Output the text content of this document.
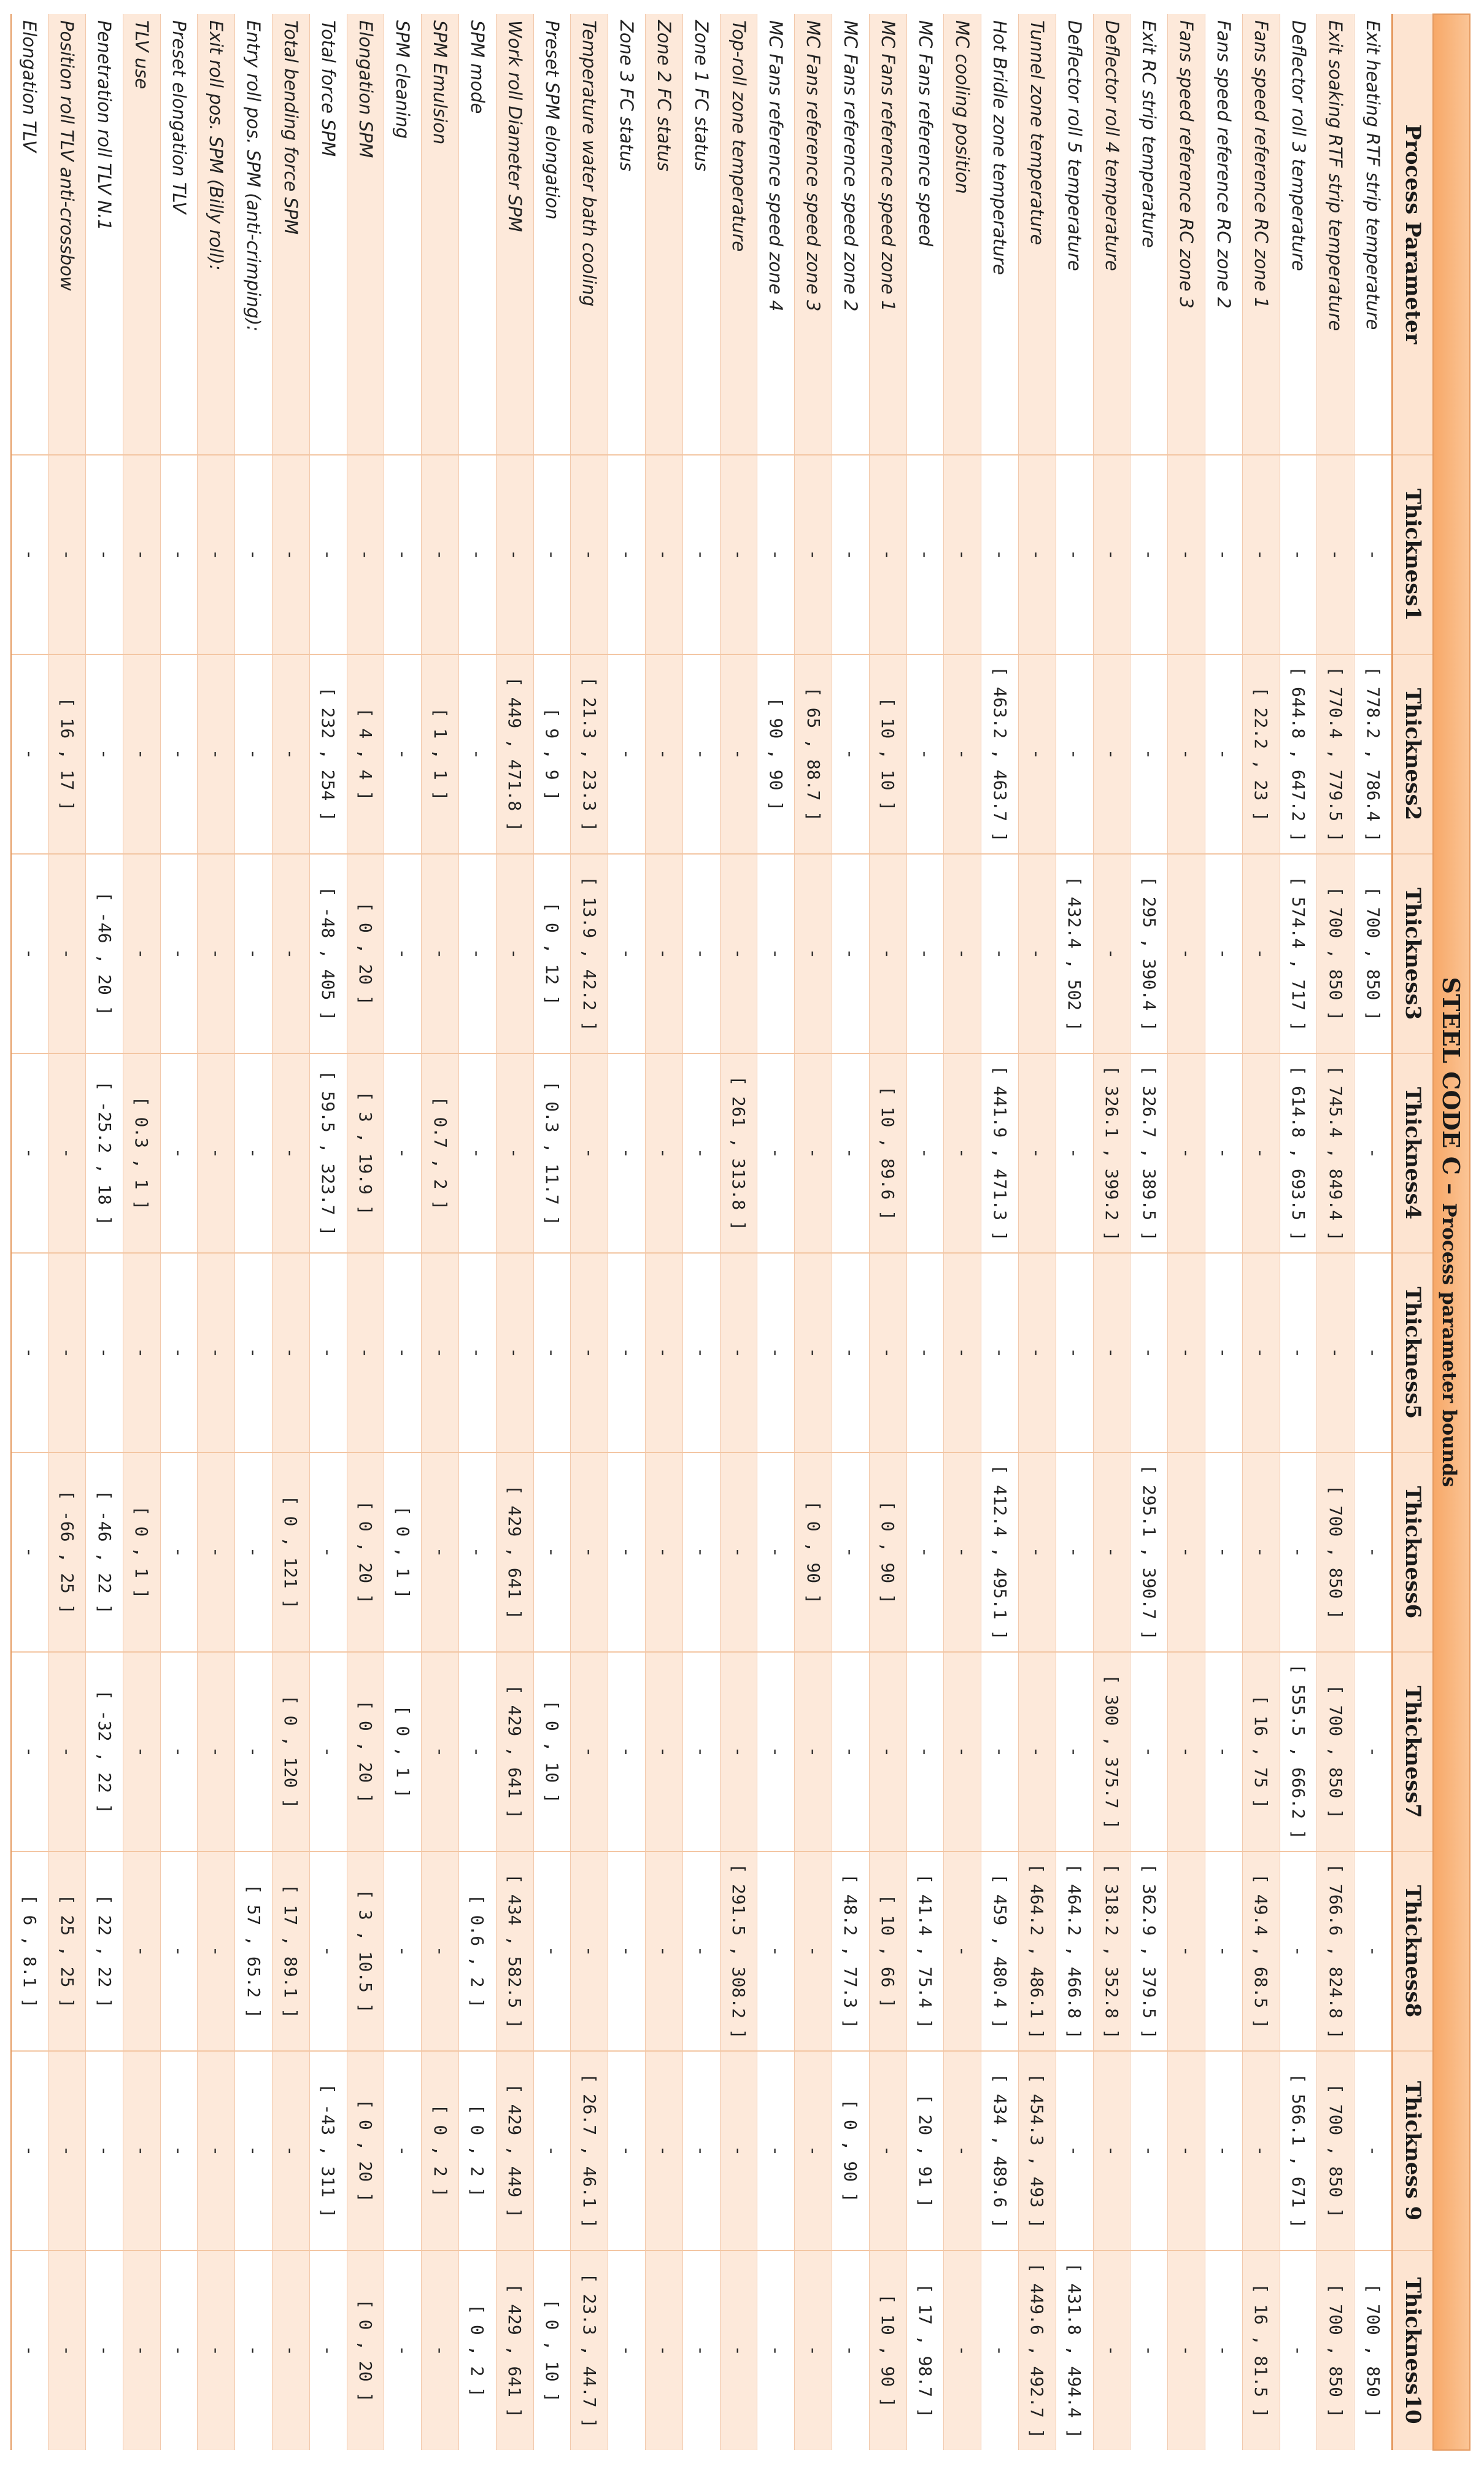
STEEL CODE C – Process parameter bounds										
Process Parameter	Thickness1	Thickness2	Thickness3	Thickness4	Thickness5	Thickness6	Thickness7	Thickness8	Thickness 9	Thickness10
Exit heating RTF strip temperature	-	[ 778.2 , 786.4 ]	[ 700 , 850 ]	-	-	-	-	-	-	[ 700 , 850 ]
Exit soaking RTF strip temperature	-	[ 770.4 , 779.5 ]	[ 700 , 850 ]	[ 745.4 , 849.4 ]	-	[ 700 , 850 ]	[ 700 , 850 ]	[ 766.6 , 824.8 ]	[ 700 , 850 ]	[ 700 , 850 ]
Deflector roll 3 temperature	-	[ 644.8 , 647.2 ]	[ 574.4 , 717 ]	[ 614.8 , 693.5 ]	-	-	[ 555.5 , 666.2 ]	-	[ 566.1 , 671 ]	-
Fans speed reference RC zone 1	-	[ 22.2 , 23 ]	-	-	-	-	[ 16 , 75 ]	[ 49.4 , 68.5 ]	-	[ 16 , 81.5 ]
Fans speed reference RC zone 2	-	-	-	-	-	-	-	-	-	-
Fans speed reference RC zone 3	-	-	-	-	-	-	-	-	-	-
Exit RC strip temperature	-	-	[ 295 , 390.4 ]	[ 326.7 , 389.5 ]	-	[ 295.1 , 390.7 ]	-	[ 362.9 , 379.5 ]	-	-
Deflector roll 4 temperature	-	-	-	[ 326.1 , 399.2 ]	-	-	[ 300 , 375.7 ]	[ 318.2 , 352.8 ]	-	-
Deflector roll 5 temperature	-	-	[ 432.4 , 502 ]	-	-	-	-	[ 464.2 , 466.8 ]	-	[ 431.8 , 494.4 ]
Tunnel zone temperature	-	-	-	-	-	-	-	[ 464.2 , 486.1 ]	[ 454.3 , 493 ]	[ 449.6 , 492.7 ]
Hot Bridle zone temperature	-	[ 463.2 , 463.7 ]	-	[ 441.9 , 471.3 ]	-	[ 412.4 , 495.1 ]	-	[ 459 , 480.4 ]	[ 434 , 489.6 ]	-
MC cooling position	-	-	-	-	-	-	-	-	-	-
MC Fans reference speed	-	-	-	-	-	-	-	[ 41.4 , 75.4 ]	[ 20 , 91 ]	[ 17 , 98.7 ]
MC Fans reference speed zone 1	-	[ 10 , 10 ]	-	[ 10 , 89.6 ]	-	[ 0 , 90 ]	-	[ 10 , 66 ]	-	[ 10 , 90 ]
MC Fans reference speed zone 2	-	-	-	-	-	-	-	[ 48.2 , 77.3 ]	[ 0 , 90 ]	-
MC Fans reference speed zone 3	-	[ 65 , 88.7 ]	-	-	-	[ 0 , 90 ]	-	-	-	-
MC Fans reference speed zone 4	-	[ 90 , 90 ]	-	-	-	-	-	-	-	-
Top-roll zone temperature	-	-	-	[ 261 , 313.8 ]	-	-	-	[ 291.5 , 308.2 ]	-	-
Zone 1 FC status	-	-	-	-	-	-	-	-	-	-
Zone 2 FC status	-	-	-	-	-	-	-	-	-	-
Zone 3 FC status	-	-	-	-	-	-	-	-	-	-
Temperature water bath cooling	-	[ 21.3 , 23.3 ]	[ 13.9 , 42.2 ]	-	-	-	-	-	[ 26.7 , 46.1 ]	[ 23.3 , 44.7 ]
Preset SPM elongation	-	[ 9 , 9 ]	[ 0 , 12 ]	[ 0.3 , 11.7 ]	-	-	[ 0 , 10 ]	-	-	[ 0 , 10 ]
Work roll Diameter SPM	-	[ 449 , 471.8 ]	-	-	-	[ 429 , 641 ]	[ 429 , 641 ]	[ 434 , 582.5 ]	[ 429 , 449 ]	[ 429 , 641 ]
SPM mode	-	-	-	-	-	-	-	[ 0.6 , 2 ]	[ 0 , 2 ]	[ 0 , 2 ]
SPM Emulsion	-	[ 1 , 1 ]	-	[ 0.7 , 2 ]	-	-	-	-	[ 0 , 2 ]	-
SPM cleaning	-	-	-	-	-	[ 0 , 1 ]	[ 0 , 1 ]	-	-	-
Elongation SPM	-	[ 4 , 4 ]	[ 0 , 20 ]	[ 3 , 19.9 ]	-	[ 0 , 20 ]	[ 0 , 20 ]	[ 3 , 10.5 ]	[ 0 , 20 ]	[ 0 , 20 ]
Total force SPM	-	[ 232 , 254 ]	[ -48 , 405 ]	[ 59.5 , 323.7 ]	-	-	-	-	[ -43 , 311 ]	-
Total bending force SPM	-	-	-	-	-	[ 0 , 121 ]	[ 0 , 120 ]	[ 17 , 89.1 ]	-	-
Entry roll pos. SPM (anti-crimping):	-	-	-	-	-	-	-	[ 57 , 65.2 ]	-	-
Exit roll pos. SPM (Billy roll):	-	-	-	-	-	-	-	-	-	-
Preset elongation TLV	-	-	-	-	-	-	-	-	-	-
TLV use	-	-	-	[ 0.3 , 1 ]	-	[ 0 , 1 ]	-	-	-	-
Penetration roll TLV N.1	-	-	[ -46 , 20 ]	[ -25.2 , 18 ]	-	[ -46 , 22 ]	[ -32 , 22 ]	[ 22 , 22 ]	-	-
Position roll TLV anti-crossbow	-	[ 16 , 17 ]	-	-	-	[ -66 , 25 ]	-	[ 25 , 25 ]	-	-
Elongation TLV	-	-	-	-	-	-	-	[ 6 , 8.1 ]	-	-
